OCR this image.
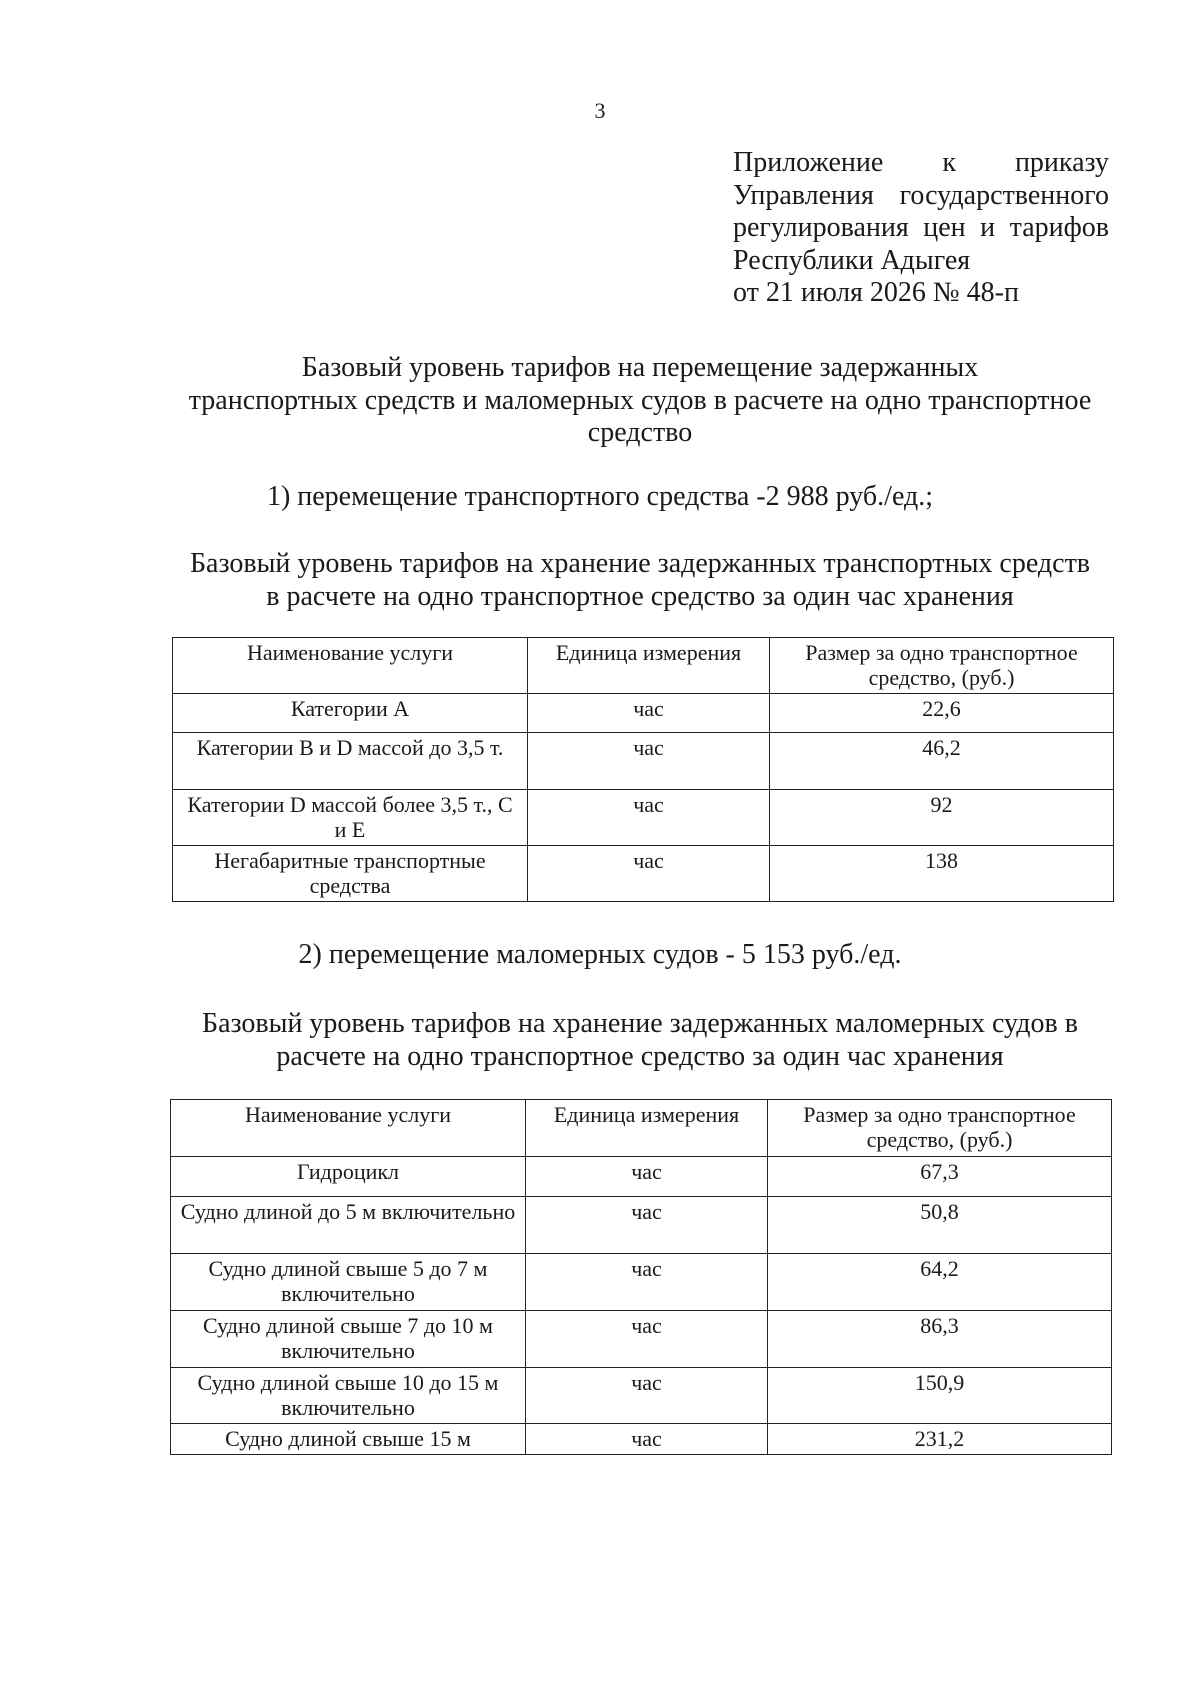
3
Приложение к приказу
Управления государственного
регулирования цен и тарифов
Республики Адыгея
от 21 июля 2026 № 48-п
Базовый уровень тарифов на перемещение задержанных
транспортных средств и маломерных судов в расчете на одно транспортное
средство
1) перемещение транспортного средства -2 988 руб./ед.;
Базовый уровень тарифов на хранение задержанных транспортных средств
в расчете на одно транспортное средство за один час хранения
Наименование услуги	Единица измерения	Размер за одно транспортное средство, (руб.)
Категории А	час	22,6
Категории B и D массой до 3,5 т.	час	46,2
Категории D массой более 3,5 т., C и E	час	92
Негабаритные транспортные средства	час	138
2) перемещение маломерных судов - 5 153 руб./ед.
Базовый уровень тарифов на хранение задержанных маломерных судов в
расчете на одно транспортное средство за один час хранения
Наименование услуги	Единица измерения	Размер за одно транспортное средство, (руб.)
Гидроцикл	час	67,3
Судно длиной до 5 м включительно	час	50,8
Судно длиной свыше 5 до 7 м включительно	час	64,2
Судно длиной свыше 7 до 10 м включительно	час	86,3
Судно длиной свыше 10 до 15 м включительно	час	150,9
Судно длиной свыше 15 м	час	231,2
